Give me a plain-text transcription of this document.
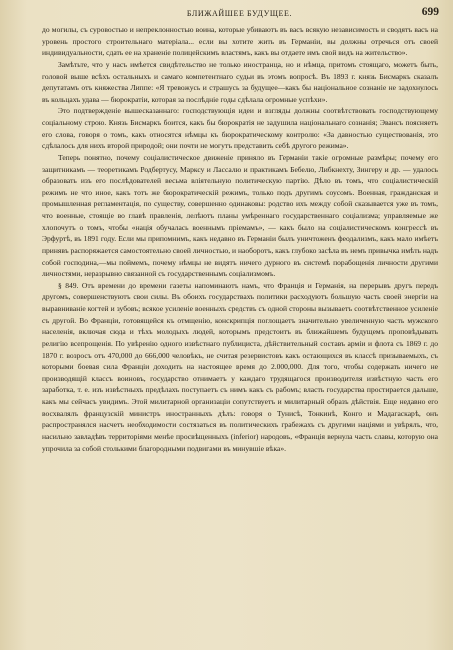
БЛИЖАЙШЕЕ БУДУЩЕЕ.	699

до могилы, съ суровостью и непреклонностью воина, которые убиваютъ въ васъ всякую независимость и сводятъ васъ на уровень простого строительнаго матеріала... если вы хотите жить въ Германіи, вы должны отречься отъ своей индивидуальности, сдать ее на храненіе полицейскимъ властямъ, какъ вы отдаете имъ свой видъ на жительство».

Замѣтьте, что у насъ имѣется свидѣтельство не только иностранца, но и нѣмца, притомъ стоящаго, можетъ быть, головой выше всѣхъ остальныхъ и самаго компетентнаго судьи въ этомъ вопросѣ. Въ 1893 г. князь Бисмаркъ сказалъ депутатамъ отъ княжества Липпе: «Я тревожусь и страшусь за будущее—какъ бы національное сознаніе не задохнулось въ кольцахъ удава — бюрократіи, которая за послѣдніе годы сдѣлала огромные успѣхи».

Это подтвержденіе вышесказаннаго: господствующія идеи и взгляды должны соотвѣтствовать господствующему соціальному строю. Князь Бисмаркъ боится, какъ бы бюрократія не задушила національнаго сознанія; Эвансъ поясняетъ его слова, говоря о томъ, какъ относятся нѣмцы къ бюрократическому контролю: «За давностью существованія, это сдѣлалось для нихъ второй природой; они почти не могутъ представить себѣ другого режима».

Теперь понятно, почему соціалистическое движеніе приняло въ Германіи такіе огромные размѣры; почему его защитникамъ — теоретикамъ Родбертусу, Марксу и Лассалю и практикамъ Бебелю, Либкнехту, Зингеру и др. — удалось образовать изъ его послѣдователей весьма вліятельную политическую партію. Дѣло въ томъ, что соціалистическій режимъ не что иное, какъ тотъ же бюрократическій режимъ, только подъ другимъ соусомъ. Военная, гражданская и промышленная регламентація, по существу, совершенно одинаковы: родство ихъ между собой сказывается уже въ томъ, что военные, стоящіе во главѣ правленія, лелѣютъ планы умѣреннаго государственнаго соціализма; управляемые же хлопочутъ о томъ, чтобы «нація обучалась военнымъ пріемамъ», — какъ было на соціалистическомъ конгрессѣ въ Эрфуртѣ, въ 1891 году. Если мы припомнимъ, какъ недавно въ Германіи былъ уничтоженъ феодализмъ, какъ мало имѣетъ принявъ распоряжается самостоятельно своей личностью, и наоборотъ, какъ глубоко засѣла въ немъ привычка имѣть надъ собой господина,—мы поймемъ, почему нѣмцы не видятъ ничего дурного въ системѣ порабощенія личности другими личностями, неразрывно связанной съ государственнымъ соціализмомъ.

§ 849. Отъ времени до времени газеты напоминаютъ намъ, что Франція и Германія, на перерывъ другъ передъ другомъ, совершенствуютъ свои силы. Въ обоихъ государствахъ политики расходуютъ большую часть своей энергіи на выравниваніе когтей и зубовъ; всякое усиленіе военныхъ средствъ съ одной стороны вызываетъ соотвѣтственное усиленіе съ другой. Во Франціи, готовящейся къ отмщенію, конскрипція поглощаетъ значительно увеличенную часть мужского населенія, включая сюда и тѣхъ молодыхъ людей, которымъ предстоитъ въ ближайшемъ будущемъ проповѣдывать религію всепрощенія. По увѣренію одного извѣстнаго публициста, дѣйствительный составъ арміи и флота съ 1869 г. до 1870 г. возросъ отъ 470,000 до 666,000 человѣкъ, не считая резервистовъ какъ остающихся въ классѣ призываемыхъ, съ которыми боевая сила Франціи доходить на настоящее время до 2.000,000. Для того, чтобы содержать ничего не производящій классъ воиновъ, государство отнимаетъ у каждаго трудящагося производителя извѣстную часть его заработка, т. е. изъ извѣстныхъ предѣлахъ поступаетъ съ нимъ какъ съ рабомъ; власть государства простирается дальше, какъ мы сейчасъ увидимъ. Этой милитарной организаціи сопутствуетъ и милитарный образъ дѣйствія. Еще недавно его восхвалялъ французскій министръ иностранныхъ дѣлъ: говоря о Тунисѣ, Тонкинѣ, Конго и Мадагаскарѣ, онъ распространялся насчетъ необходимости состязаться въ политическихъ грабежахъ съ другими націями и увѣрялъ, что, насильно завладѣвъ территоріями менѣе просвѣщенныхъ (inferior) народовъ, «Франція вернула часть славы, которую она упрочила за собой столькими благородными подвигами въ минувшіе вѣка».
